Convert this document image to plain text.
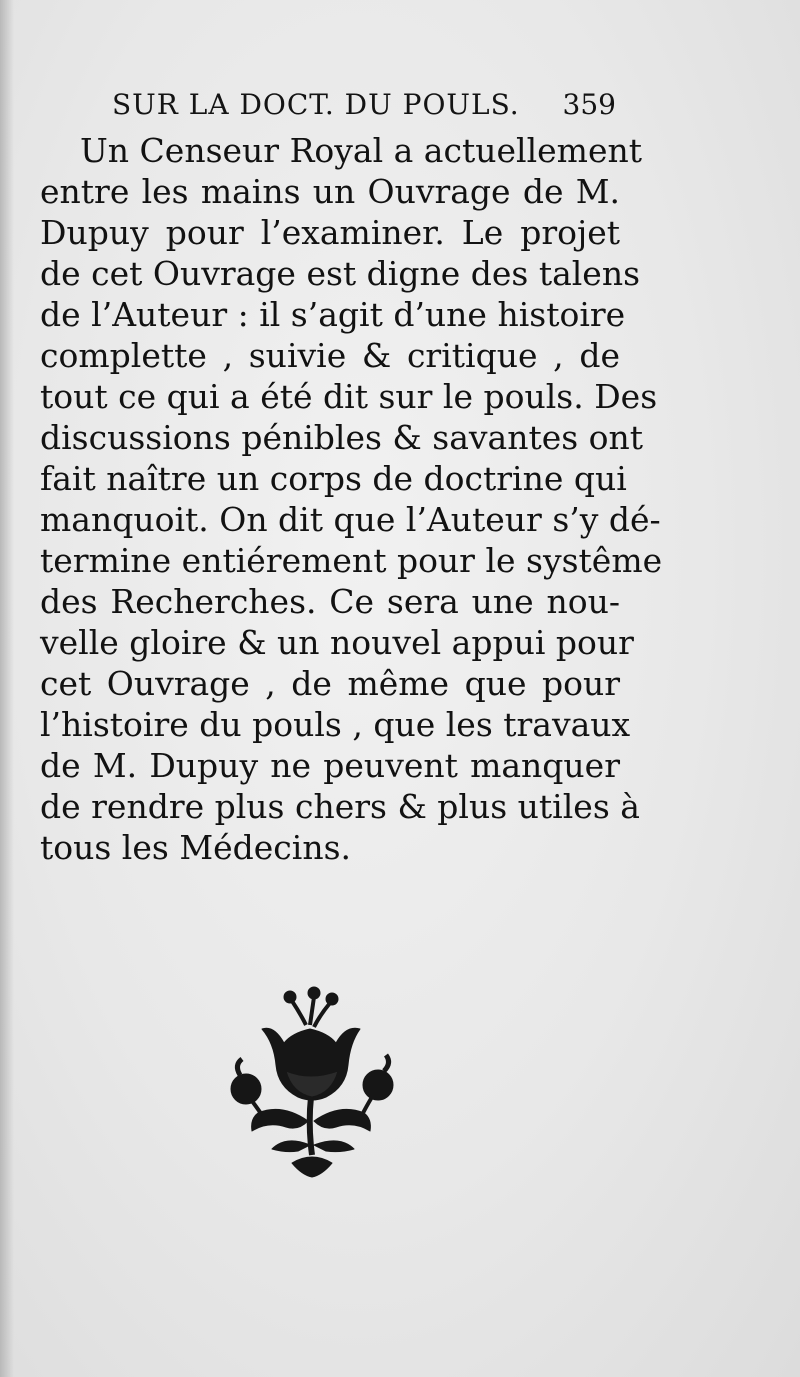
SUR LA DOCT. DU POULS. 359
Un Censeur Royal a actuellement
entre les mains un Ouvrage de M.
Dupuy pour l’examiner. Le projet
de cet Ouvrage est digne des talens
de l’Auteur : il s’agit d’une histoire
complette , suivie & critique , de
tout ce qui a été dit sur le pouls. Des
discussions pénibles & savantes ont
fait naître un corps de doctrine qui
manquoit. On dit que l’Auteur s’y dé-
termine entiérement pour le systême
des Recherches. Ce sera une nou-
velle gloire & un nouvel appui pour
cet Ouvrage , de même que pour
l’histoire du pouls , que les travaux
de M. Dupuy ne peuvent manquer
de rendre plus chers & plus utiles à
tous les Médecins.
